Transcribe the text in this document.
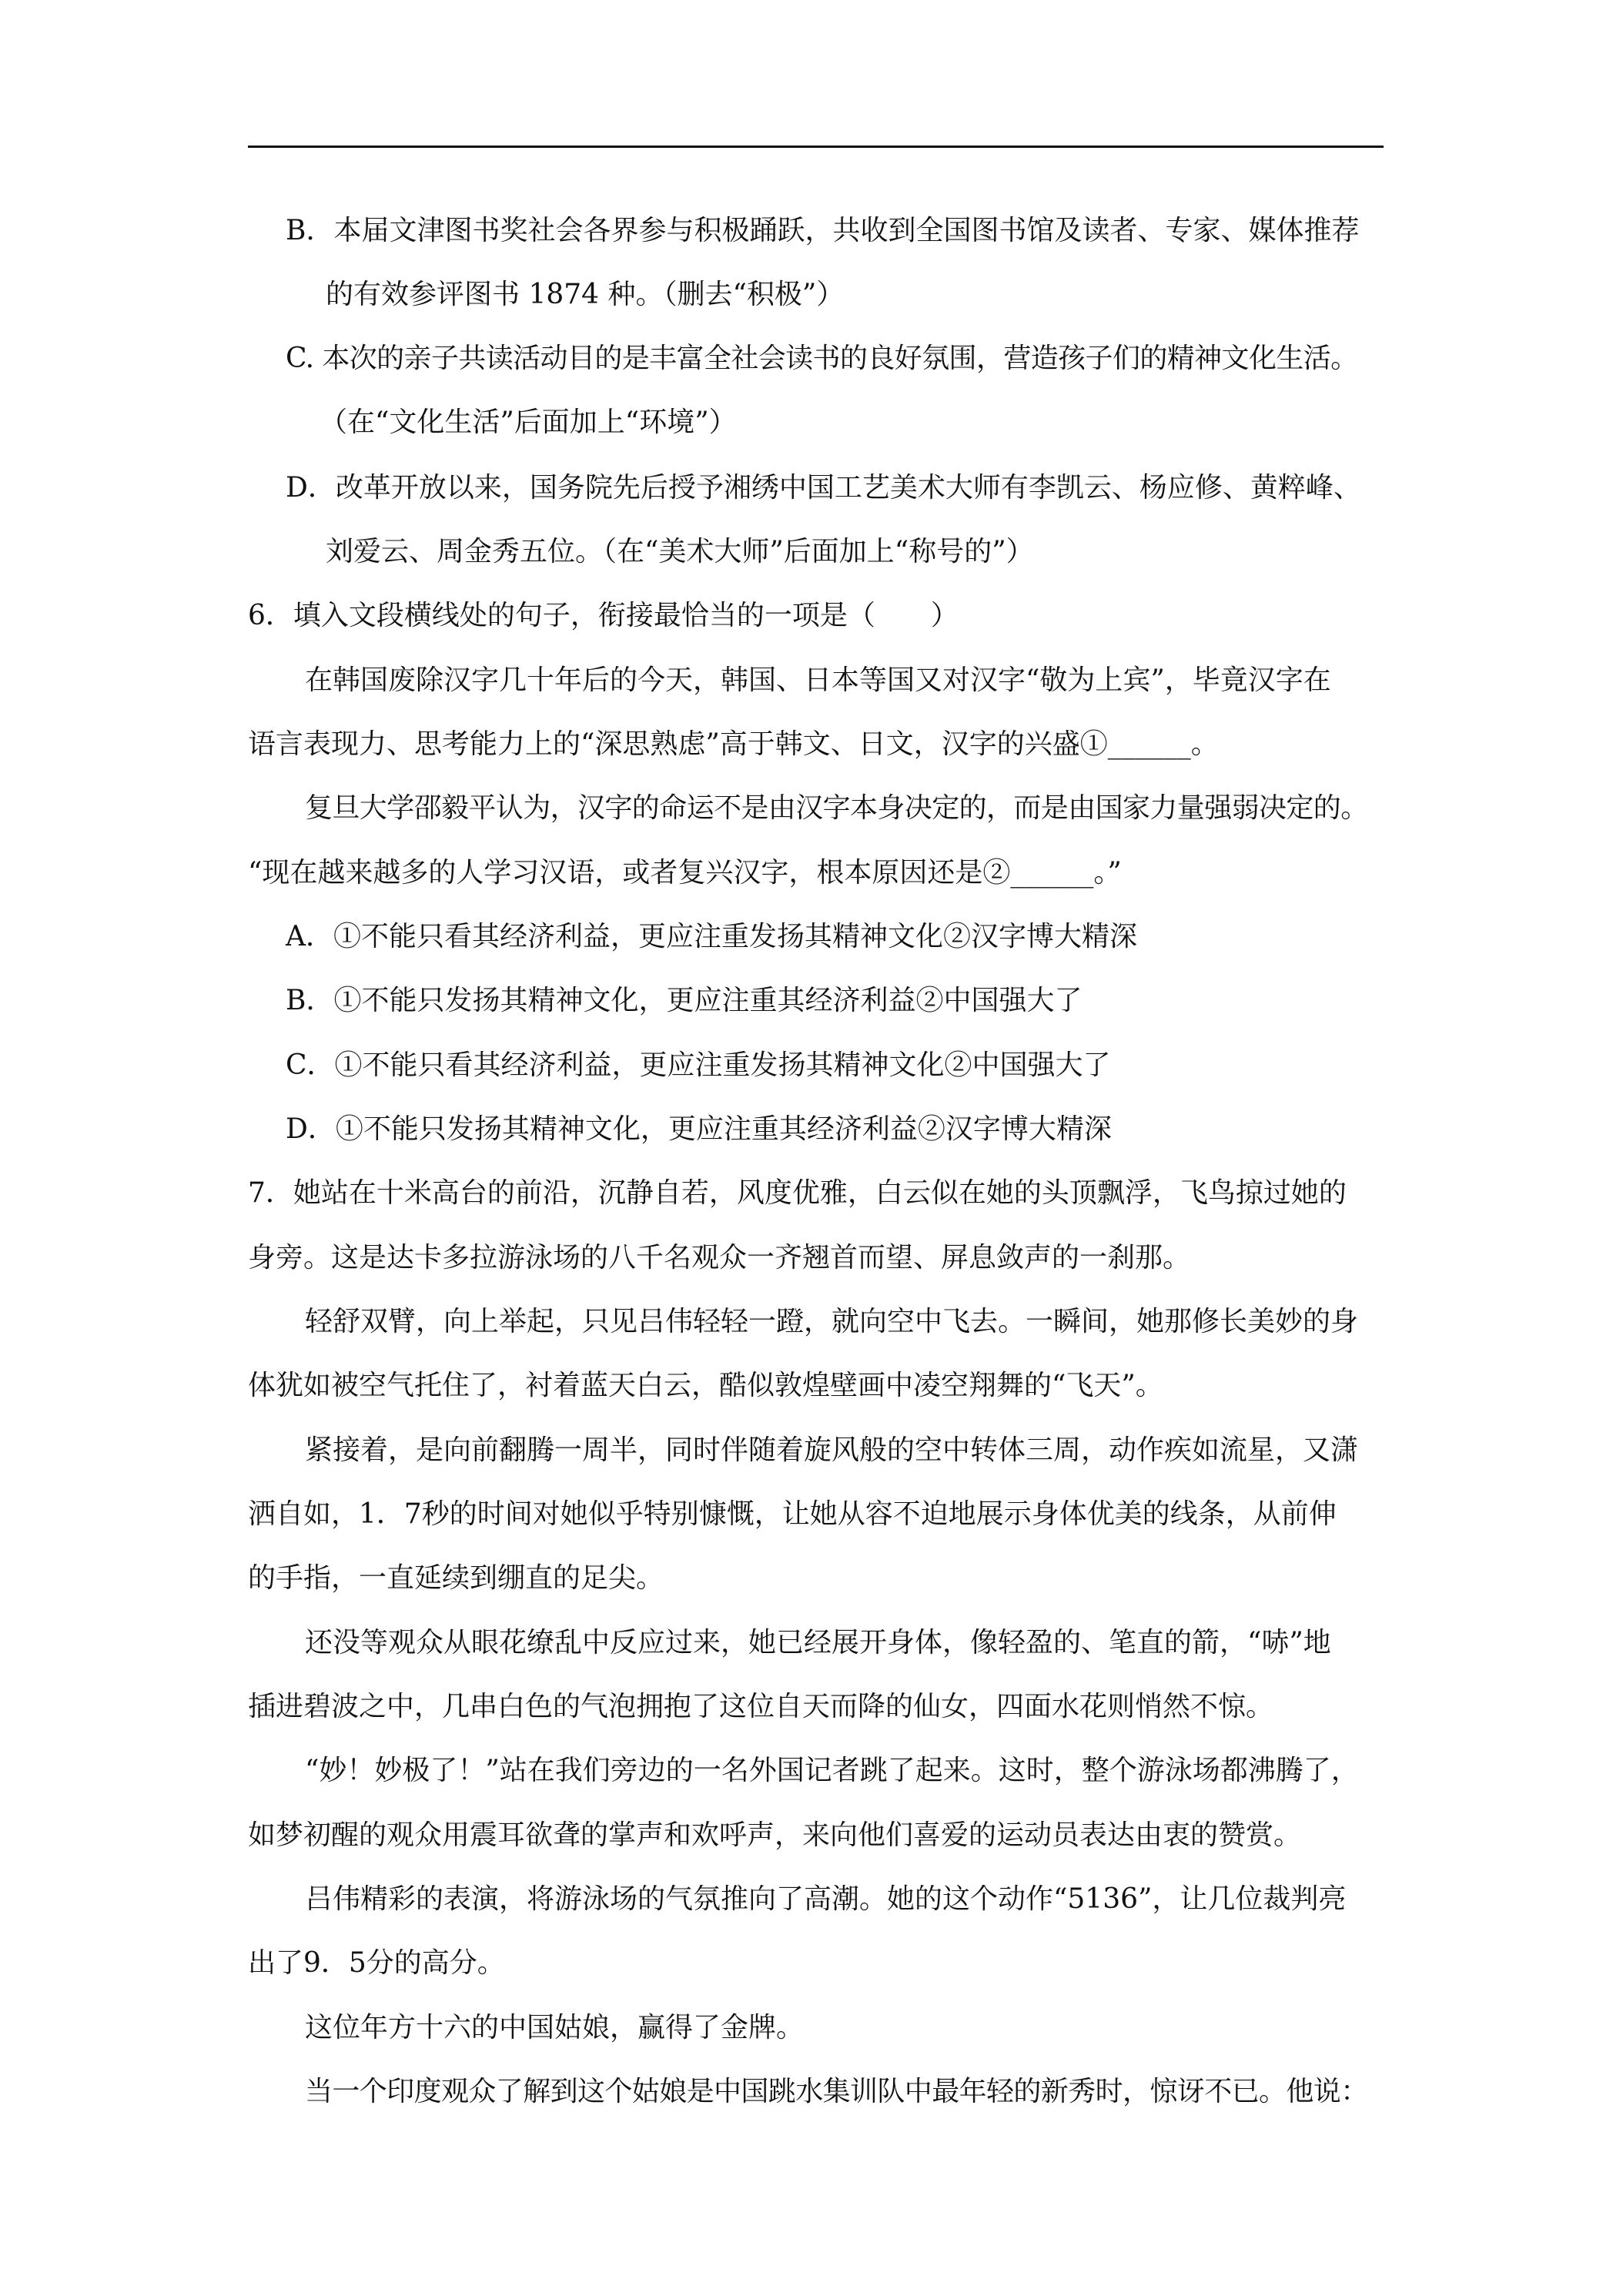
B．本届文津图书奖社会各界参与积极踊跃，共收到全国图书馆及读者、专家、媒体推荐
的有效参评图书 1874 种。（删去“积极”）
C. 本次的亲子共读活动目的是丰富全社会读书的良好氛围，营造孩子们的精神文化生活。
（在“文化生活”后面加上“环境”）
D．改革开放以来，国务院先后授予湘绣中国工艺美术大师有李凯云、杨应修、黄粹峰、
刘爱云、周金秀五位。（在“美术大师”后面加上“称号的”）
6．填入文段横线处的句子，衔接最恰当的一项是（　　）
在韩国废除汉字几十年后的今天，韩国、日本等国又对汉字“敬为上宾”，毕竟汉字在
语言表现力、思考能力上的“深思熟虑”高于韩文、日文，汉字的兴盛①______。
复旦大学邵毅平认为，汉字的命运不是由汉字本身决定的，而是由国家力量强弱决定的。
“现在越来越多的人学习汉语，或者复兴汉字，根本原因还是②______。”
A．①不能只看其经济利益，更应注重发扬其精神文化②汉字博大精深
B．①不能只发扬其精神文化，更应注重其经济利益②中国强大了
C．①不能只看其经济利益，更应注重发扬其精神文化②中国强大了
D．①不能只发扬其精神文化，更应注重其经济利益②汉字博大精深
7．她站在十米高台的前沿，沉静自若，风度优雅，白云似在她的头顶飘浮，飞鸟掠过她的
身旁。这是达卡多拉游泳场的八千名观众一齐翘首而望、屏息敛声的一刹那。
轻舒双臂，向上举起，只见吕伟轻轻一蹬，就向空中飞去。一瞬间，她那修长美妙的身
体犹如被空气托住了，衬着蓝天白云，酷似敦煌壁画中凌空翔舞的“飞天”。
紧接着，是向前翻腾一周半，同时伴随着旋风般的空中转体三周，动作疾如流星，又潇
洒自如，1．7秒的时间对她似乎特别慷慨，让她从容不迫地展示身体优美的线条，从前伸
的手指，一直延续到绷直的足尖。
还没等观众从眼花缭乱中反应过来，她已经展开身体，像轻盈的、笔直的箭，“哧”地
插进碧波之中，几串白色的气泡拥抱了这位自天而降的仙女，四面水花则悄然不惊。
“妙！妙极了！”站在我们旁边的一名外国记者跳了起来。这时，整个游泳场都沸腾了，
如梦初醒的观众用震耳欲聋的掌声和欢呼声，来向他们喜爱的运动员表达由衷的赞赏。
吕伟精彩的表演，将游泳场的气氛推向了高潮。她的这个动作“5136”，让几位裁判亮
出了9．5分的高分。
这位年方十六的中国姑娘，赢得了金牌。
当一个印度观众了解到这个姑娘是中国跳水集训队中最年轻的新秀时，惊讶不已。他说：
